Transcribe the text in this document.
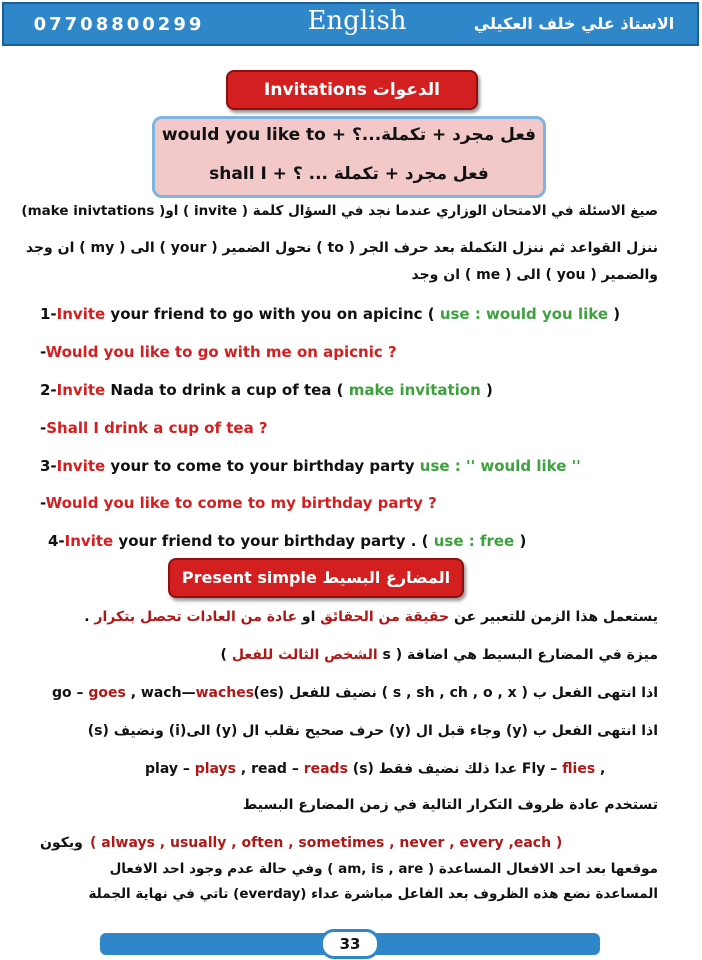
07708800299	English	الاستاذ علي خلف العكيلي
Invitations الدعوات
would you like to + فعل مجرد + تكملة...؟
shall I + فعل مجرد + تكملة ... ؟
صيغ الاسئلة في الامتحان الوزاري عندما نجد في السؤال كلمة ( invite ) او( make inivtations)
ننزل القواعد ثم ننزل التكملة بعد حرف الجر ( to ) نحول الضمير ( your ) الى ( my ) ان وجد
والضمير ( you ) الى ( me ) ان وجد
1-Invite your friend to go with you on apicinc ( use : would you like )
-Would you like to go with me on apicnic ?
2-Invite Nada to drink a cup of tea ( make invitation )
-Shall I drink a cup of tea ?
3-Invite your to come to your birthday party use : '' would like ''
-Would you like to come to my birthday party ?
4-Invite your friend to your birthday party . ( use : free )
Present simple المضارع البسيط
يستعمل هذا الزمن للتعبير عن حقيقة من الحقائق او عادة من العادات تحصل بتكرار .
ميزة في المضارع البسيط هي اضافة ( s الشخص الثالث للفعل )
go – goes , wach—waches اذا انتهى الفعل ب ( s , sh , ch , o , x ) نضيف للفعل (es)
اذا انتهى الفعل ب (y) وجاء قبل ال (y) حرف صحيح نقلب ال (y) الى(i) ونضيف (s)
play – plays , read – reads عدا ذلك نضيف فقط (s) Fly – flies ,
تستخدم عادة ظروف التكرار التالية في زمن المضارع البسيط
( always , usually , often , sometimes , never , every ,each )
ويكون
موقعها بعد احد الافعال المساعدة ( am, is , are ) وفي حالة عدم وجود احد الافعال
المساعدة نضع هذه الظروف بعد الفاعل مباشرة عداء (everday) تاتي في نهاية الجملة
33
